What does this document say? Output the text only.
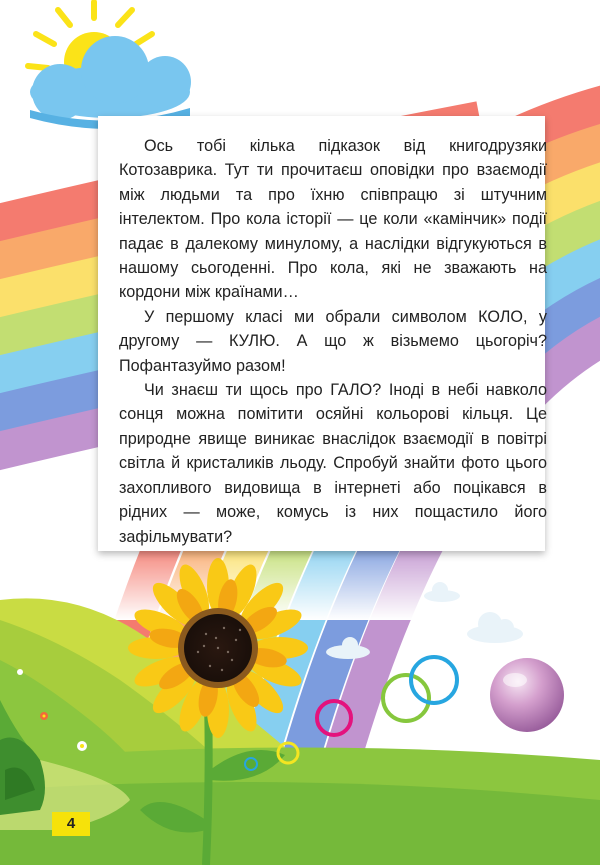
Ось тобі кілька підказок від книгодрузяки Котозаврика. Тут ти прочитаєш оповідки про взаємодії між людьми та про їхню співпрацю зі штучним інтелектом. Про кола історії — це коли «камінчик» події падає в далекому минулому, а наслідки відгукуються в нашому сьогоденні. Про кола, які не зважають на кордони між країнами…

У першому класі ми обрали символом КОЛО, у другому — КУЛЮ. А що ж візьмемо цьогоріч? Пофантазуймо разом!

Чи знаєш ти щось про ГАЛО? Іноді в небі навколо сонця можна помітити осяйні кольорові кільця. Це природне явище виникає внаслідок взаємодії в повітрі світла й кристаликів льоду. Спробуй знайти фото цього захопливого видовища в інтернеті або поцікався в рідних — може, комусь із них пощастило його зафільмувати?

4
